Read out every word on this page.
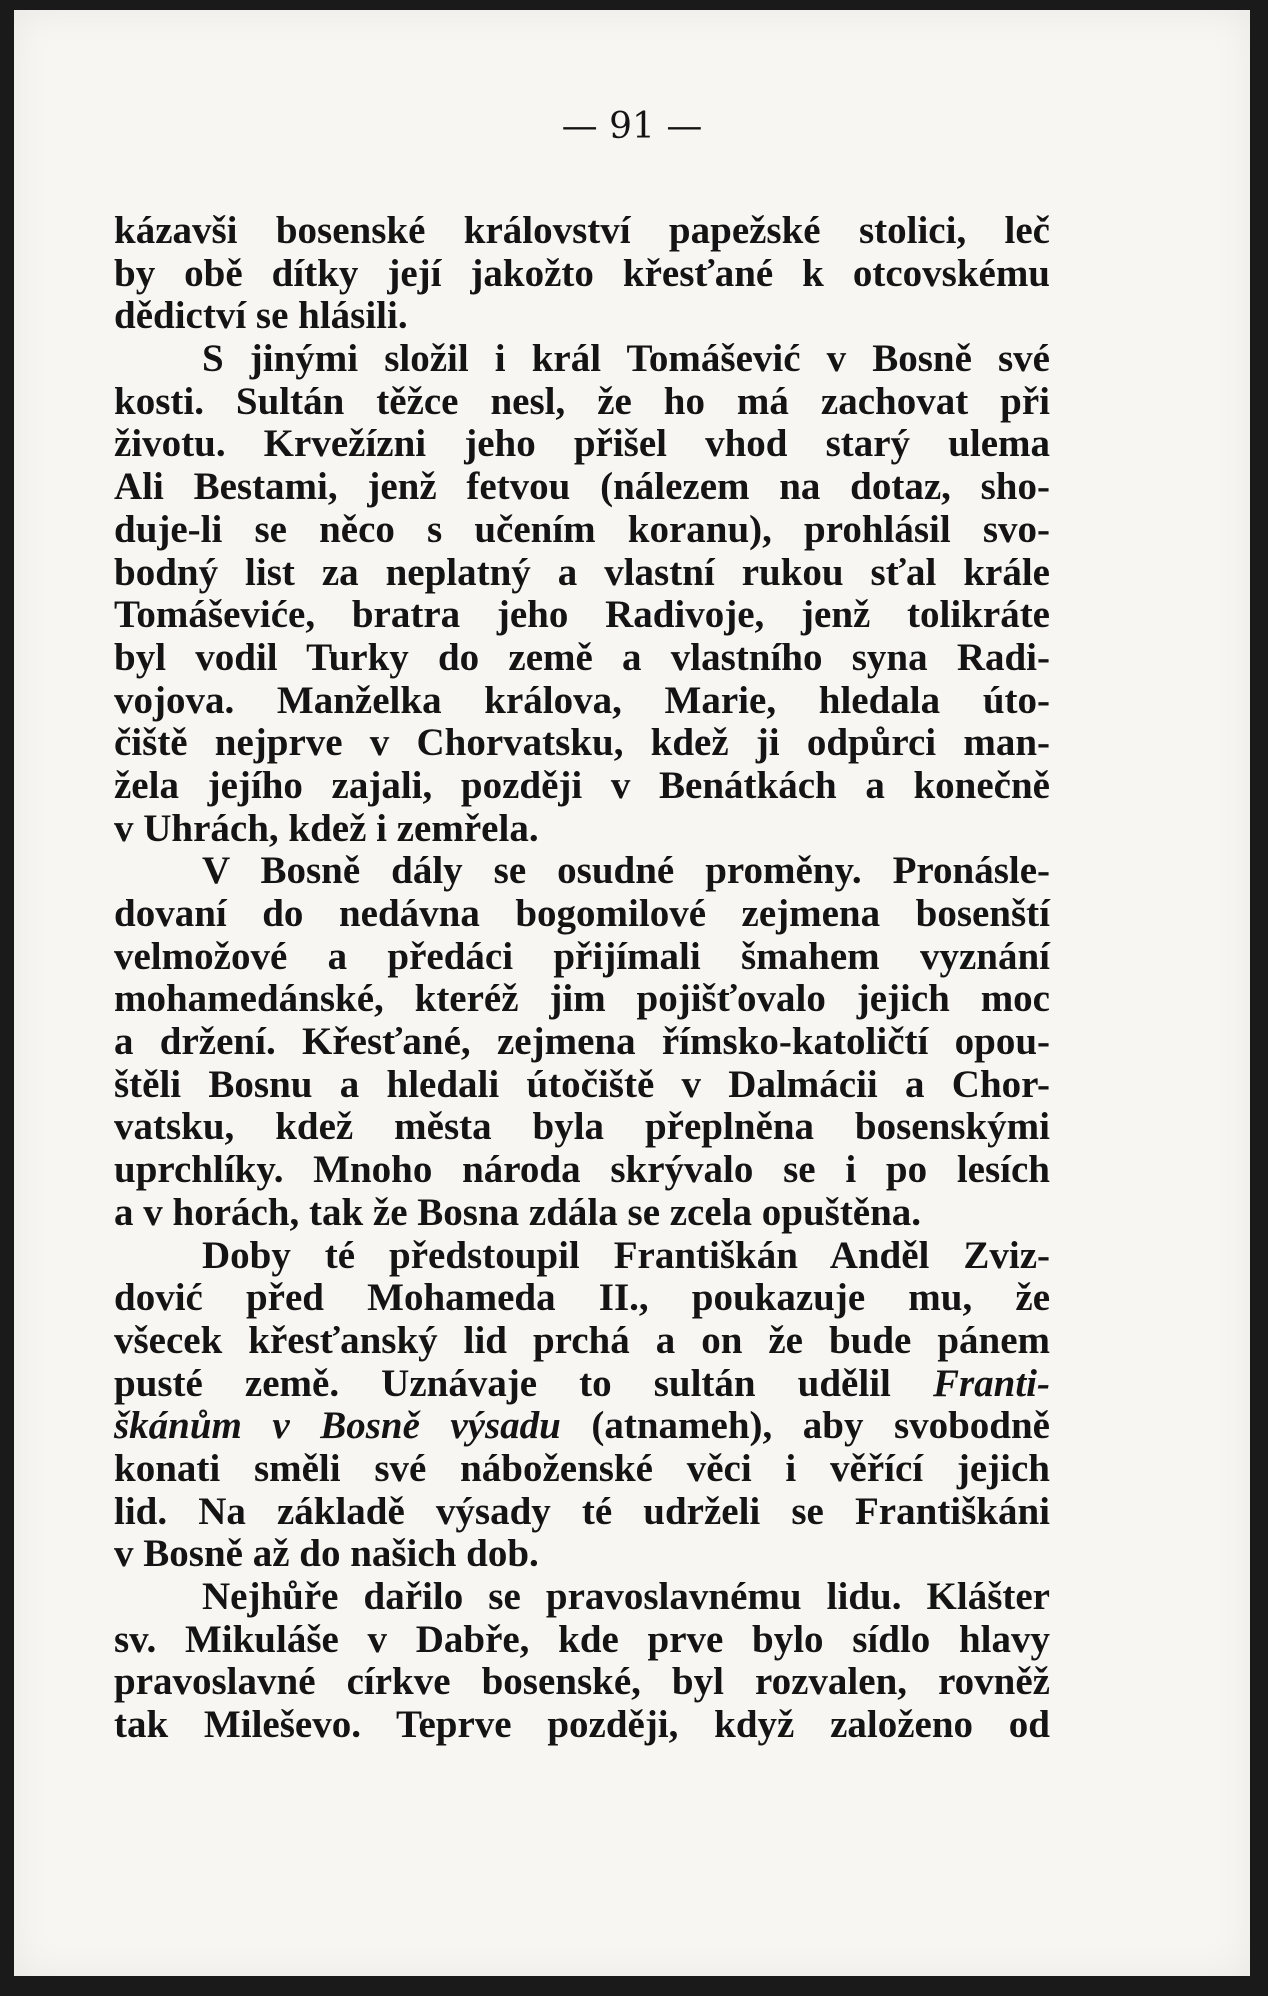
— 91 —

kázavši bosenské království papežské stolici, leč
by obě dítky její jakožto křesťané k otcovskému
dědictví se hlásili.
S jinými složil i král Tomášević v Bosně své
kosti. Sultán těžce nesl, že ho má zachovat při
životu. Krvežízni jeho přišel vhod starý ulema
Ali Bestami, jenž fetvou (nálezem na dotaz, sho-
duje-li se něco s učením koranu), prohlásil svo-
bodný list za neplatný a vlastní rukou sťal krále
Tomáševiće, bratra jeho Radivoje, jenž tolikráte
byl vodil Turky do země a vlastního syna Radi-
vojova. Manželka králova, Marie, hledala úto-
čiště nejprve v Chorvatsku, kdež ji odpůrci man-
žela jejího zajali, později v Benátkách a konečně
v Uhrách, kdež i zemřela.
V Bosně dály se osudné proměny. Pronásle-
dovaní do nedávna bogomilové zejmena bosenští
velmožové a předáci přijímali šmahem vyznání
mohamedánské, kteréž jim pojišťovalo jejich moc
a držení. Křesťané, zejmena římsko-katoličtí opou-
štěli Bosnu a hledali útočiště v Dalmácii a Chor-
vatsku, kdež města byla přeplněna bosenskými
uprchlíky. Mnoho národa skrývalo se i po lesích
a v horách, tak že Bosna zdála se zcela opuštěna.
Doby té předstoupil Františkán Anděl Zviz-
dović před Mohameda II., poukazuje mu, že
všecek křesťanský lid prchá a on že bude pánem
pusté země. Uznávaje to sultán udělil Franti-
škánům v Bosně výsadu (atnameh), aby svobodně
konati směli své náboženské věci i věřící jejich
lid. Na základě výsady té udrželi se Františkáni
v Bosně až do našich dob.
Nejhůře dařilo se pravoslavnému lidu. Klášter
sv. Mikuláše v Dabře, kde prve bylo sídlo hlavy
pravoslavné církve bosenské, byl rozvalen, rovněž
tak Mileševo. Teprve později, když založeno od
